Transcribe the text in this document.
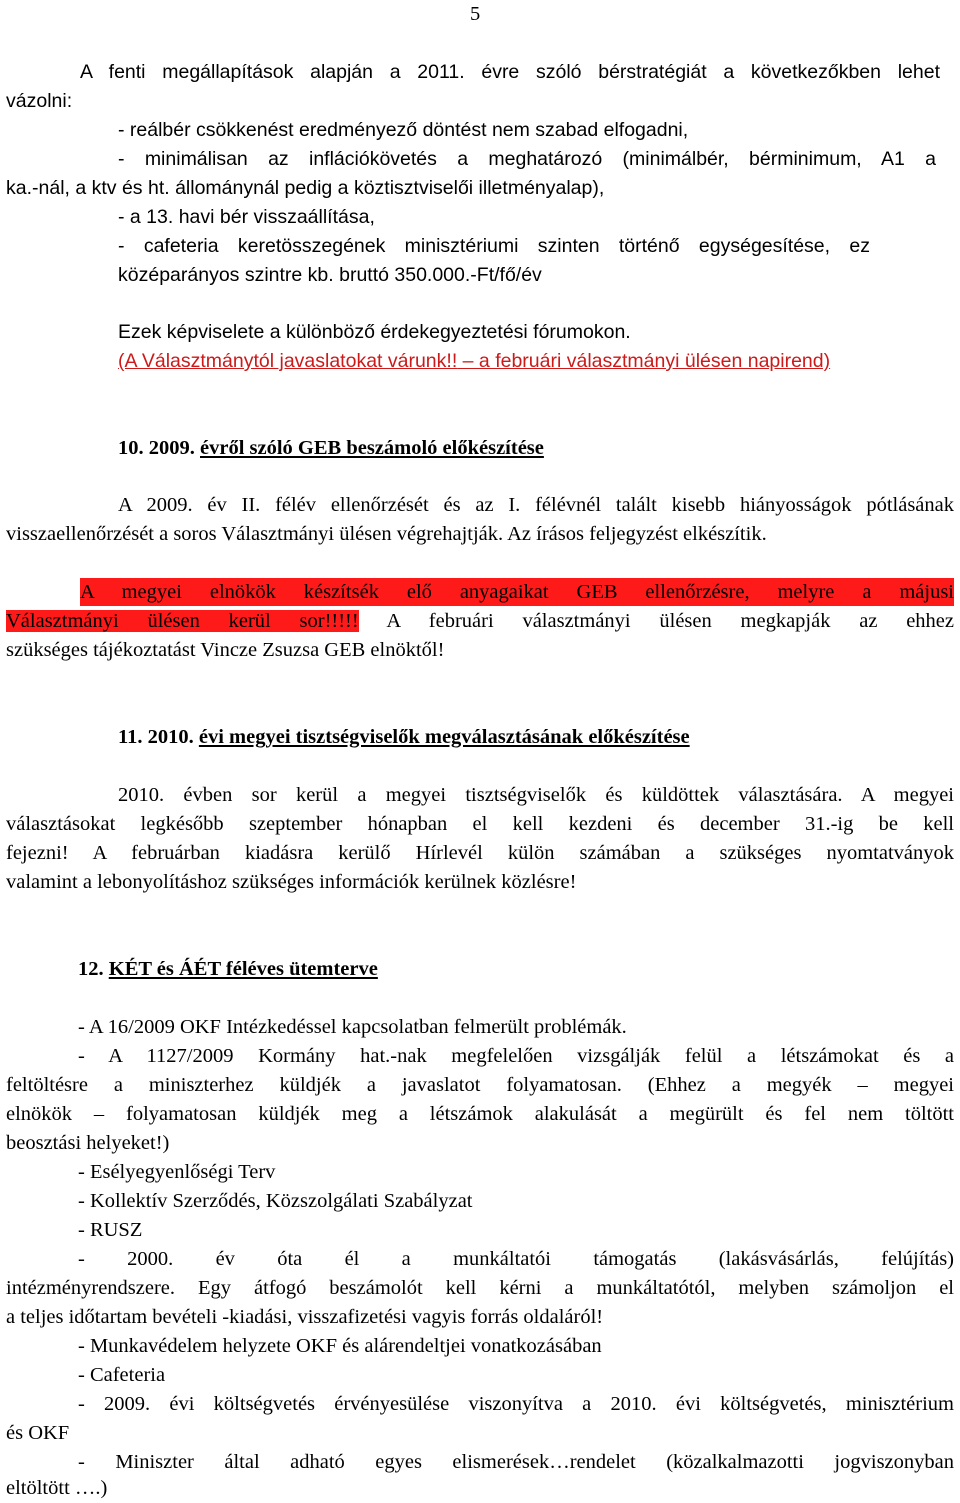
5
A fenti megállapítások alapján a 2011. évre szóló bérstratégiát a következőkben lehet
vázolni:
- reálbér csökkenést eredményező döntést nem szabad elfogadni,
- minimálisan az inflációkövetés a meghatározó (minimálbér, bérminimum, A1 a
ka.-nál, a ktv és ht. állománynál pedig a köztisztviselői illetményalap),
- a 13. havi bér visszaállítása,
- cafeteria keretösszegének minisztériumi szinten történő egységesítése, ez
középarányos szintre kb. bruttó 350.000.-Ft/fő/év
Ezek képviselete a különböző érdekegyeztetési fórumokon.
(A Választmánytól javaslatokat várunk!! – a februári választmányi ülésen napirend)
10. 2009. évről szóló GEB beszámoló előkészítése
A 2009. év II. félév ellenőrzését és az I. félévnél talált kisebb hiányosságok pótlásának
visszaellenőrzését a soros Választmányi ülésen végrehajtják. Az írásos feljegyzést elkészítik.
A megyei elnökök készítsék elő anyagaikat GEB ellenőrzésre, melyre a májusi
Választmányi ülésen kerül sor!!!!! A februári választmányi ülésen megkapják az ehhez
szükséges tájékoztatást Vincze Zsuzsa GEB elnöktől!
11. 2010. évi megyei tisztségviselők megválasztásának előkészítése
2010. évben sor kerül a megyei tisztségviselők és küldöttek választására. A megyei
választásokat legkésőbb szeptember hónapban el kell kezdeni és december 31.-ig be kell
fejezni! A februárban kiadásra kerülő Hírlevél külön számában a szükséges nyomtatványok
valamint a lebonyolításhoz szükséges információk kerülnek közlésre!
12. KÉT és ÁÉT féléves ütemterve
- A 16/2009 OKF Intézkedéssel kapcsolatban felmerült problémák.
- A 1127/2009 Kormány hat.-nak megfelelően vizsgálják felül a létszámokat és a
feltöltésre a miniszterhez küldjék a javaslatot folyamatosan. (Ehhez a megyék – megyei
elnökök – folyamatosan küldjék meg a létszámok alakulását a megürült és fel nem töltött
beosztási helyeket!)
- Esélyegyenlőségi Terv
- Kollektív Szerződés, Közszolgálati Szabályzat
- RUSZ
- 2000. év óta él a munkáltatói támogatás (lakásvásárlás, felújítás)
intézményrendszere. Egy átfogó beszámolót kell kérni a munkáltatótól, melyben számoljon el
a teljes időtartam bevételi -kiadási, visszafizetési vagyis forrás oldaláról!
- Munkavédelem helyzete OKF és alárendeltjei vonatkozásában
- Cafeteria
- 2009. évi költségvetés érvényesülése viszonyítva a 2010. évi költségvetés, minisztérium
és OKF
- Miniszter által adható egyes elismerések…rendelet (közalkalmazotti jogviszonyban
eltöltött ….)
